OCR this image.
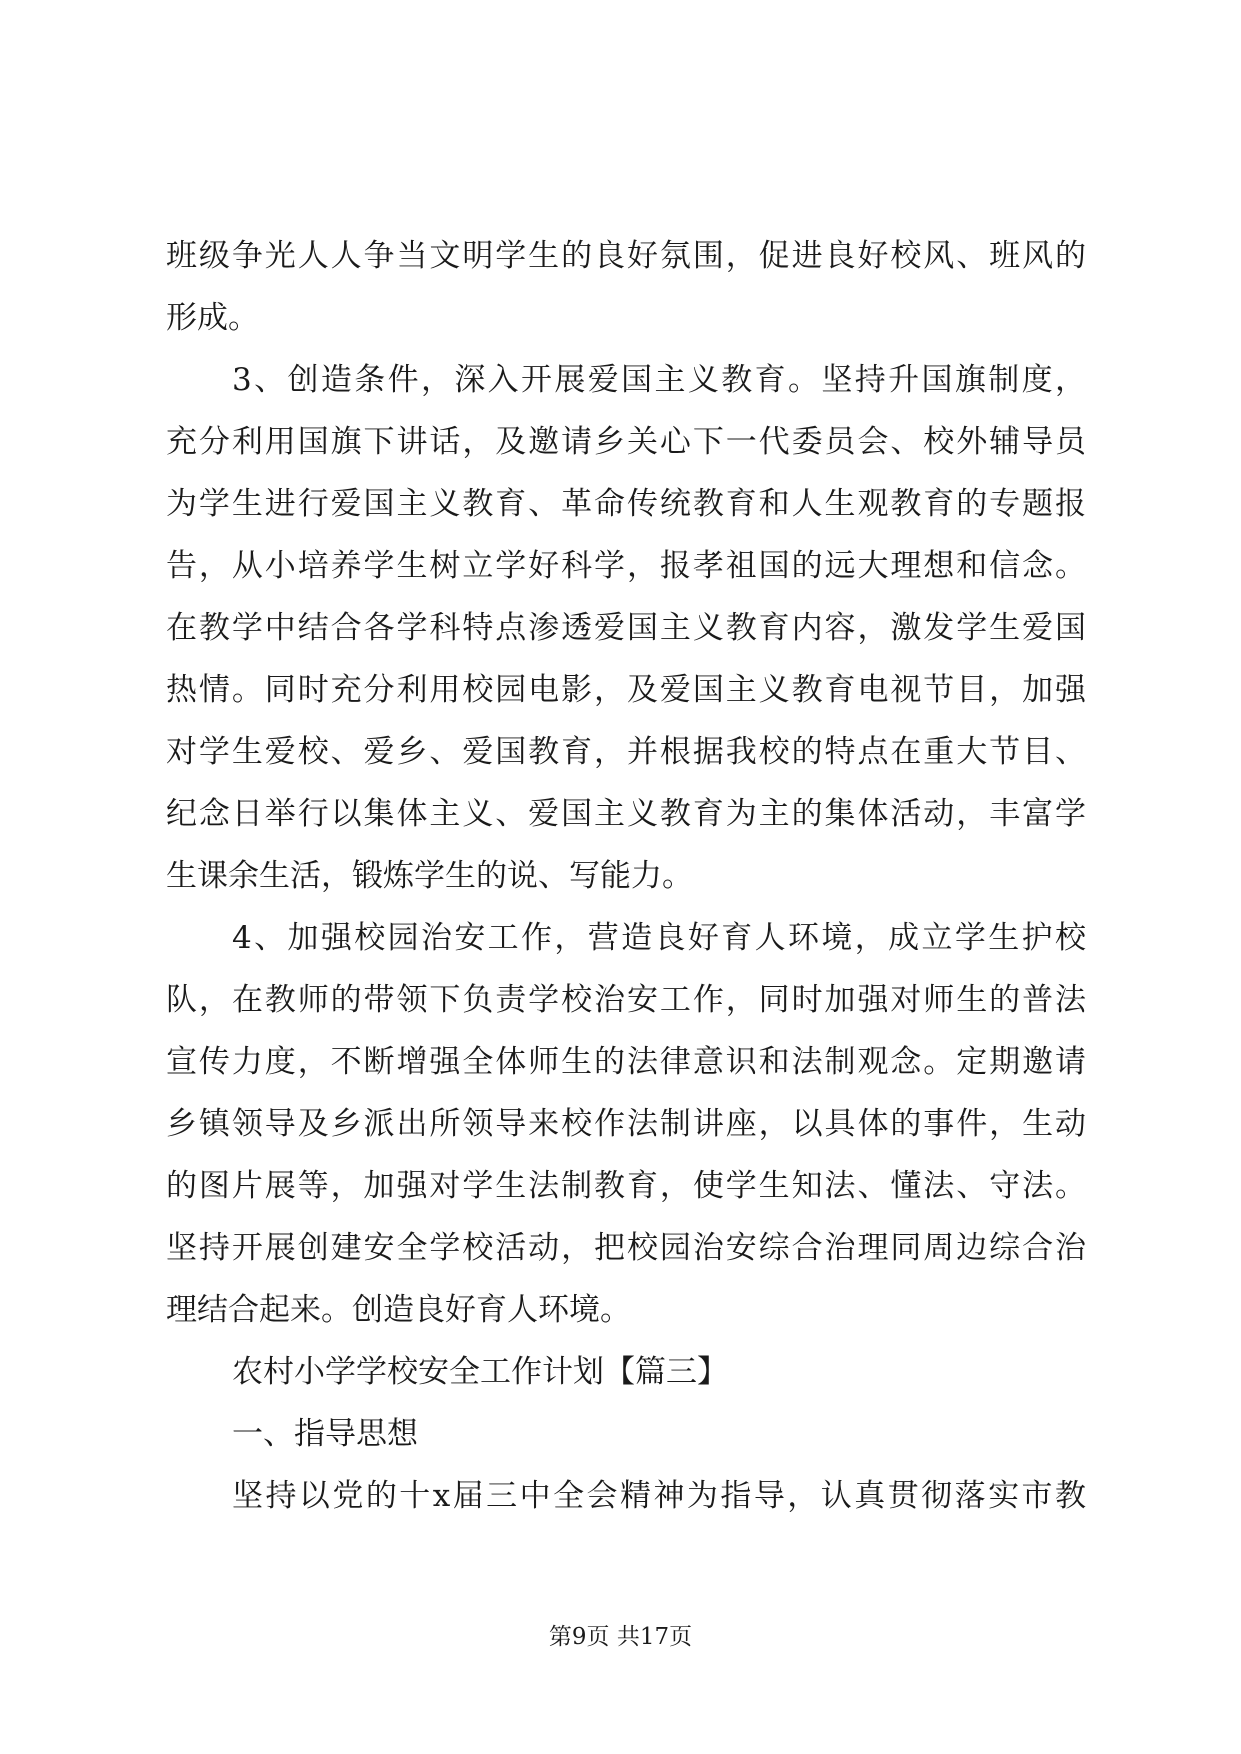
班级争光人人争当文明学生的良好氛围，促进良好校风、班风的
形成。
3、创造条件，深入开展爱国主义教育。坚持升国旗制度，
充分利用国旗下讲话，及邀请乡关心下一代委员会、校外辅导员
为学生进行爱国主义教育、革命传统教育和人生观教育的专题报
告，从小培养学生树立学好科学，报孝祖国的远大理想和信念。
在教学中结合各学科特点渗透爱国主义教育内容，激发学生爱国
热情。同时充分利用校园电影，及爱国主义教育电视节目，加强
对学生爱校、爱乡、爱国教育，并根据我校的特点在重大节目、
纪念日举行以集体主义、爱国主义教育为主的集体活动，丰富学
生课余生活，锻炼学生的说、写能力。
4、加强校园治安工作，营造良好育人环境，成立学生护校
队，在教师的带领下负责学校治安工作，同时加强对师生的普法
宣传力度，不断增强全体师生的法律意识和法制观念。定期邀请
乡镇领导及乡派出所领导来校作法制讲座，以具体的事件，生动
的图片展等，加强对学生法制教育，使学生知法、懂法、守法。
坚持开展创建安全学校活动，把校园治安综合治理同周边综合治
理结合起来。创造良好育人环境。
农村小学学校安全工作计划【篇三】
一、指导思想
坚持以党的十x届三中全会精神为指导，认真贯彻落实市教
第9页 共17页
